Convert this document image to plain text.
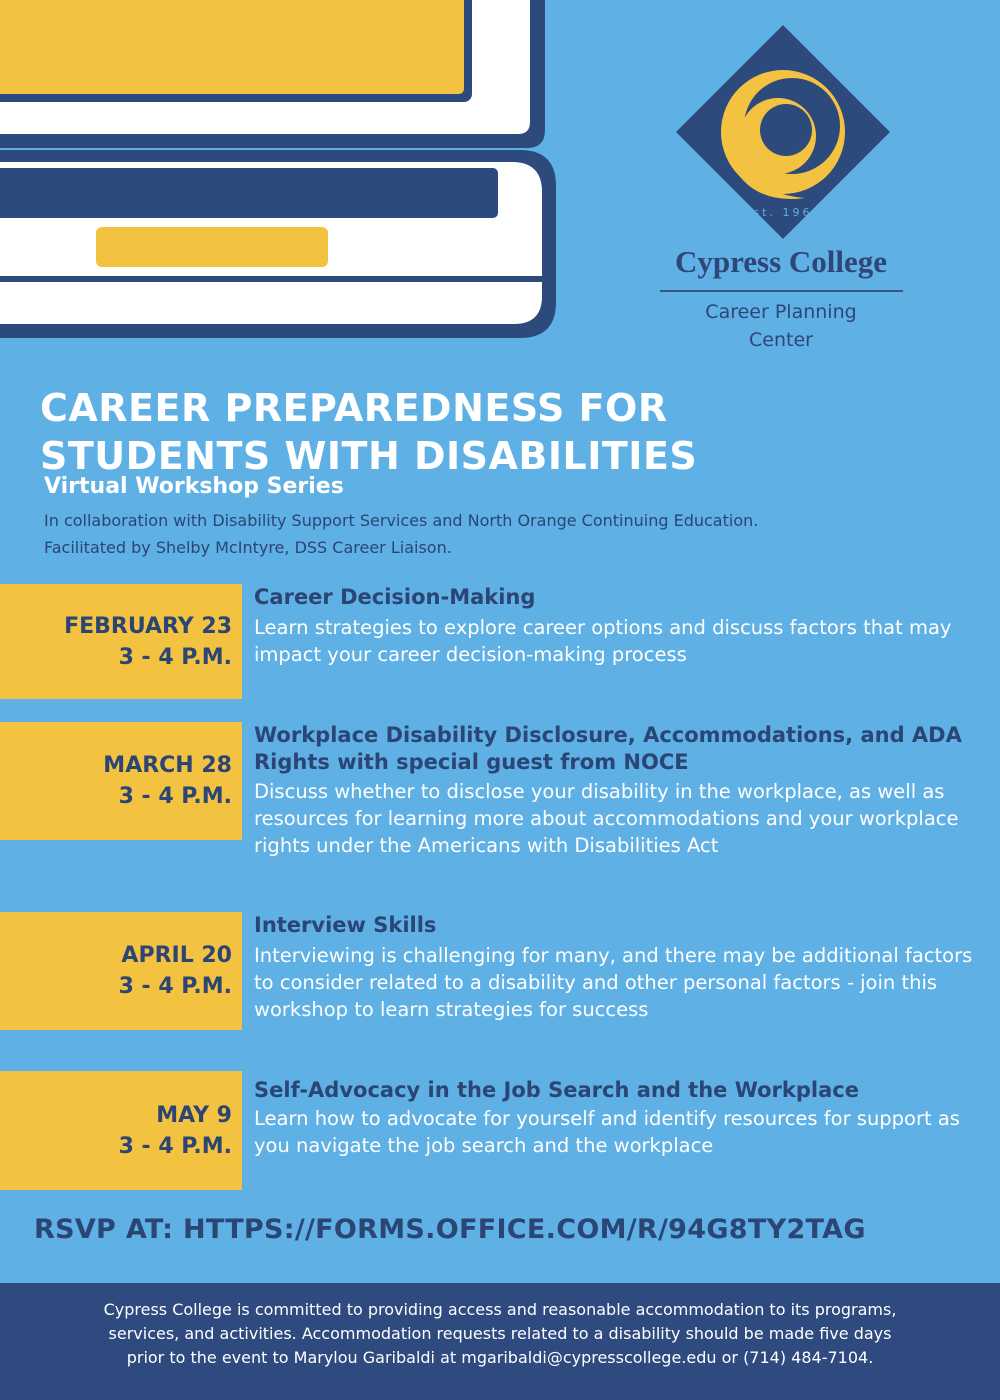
Est. 1966
Cypress College
Career Planning
Center
CAREER PREPAREDNESS FOR
STUDENTS WITH DISABILITIES
Virtual Workshop Series
In collaboration with Disability Support Services and North Orange Continuing Education.
Facilitated by Shelby McIntyre, DSS Career Liaison.
FEBRUARY 23
3 - 4 P.M.
Career Decision-Making

Learn strategies to explore career options and discuss factors that may impact your career decision-making process

MARCH 28
3 - 4 P.M.
Workplace Disability Disclosure, Accommodations, and ADA Rights with special guest from NOCE

Discuss whether to disclose your disability in the workplace, as well as resources for learning more about accommodations and your workplace rights under the Americans with Disabilities Act

APRIL 20
3 - 4 P.M.
Interview Skills

Interviewing is challenging for many, and there may be additional factors to consider related to a disability and other personal factors - join this workshop to learn strategies for success

MAY 9
3 - 4 P.M.
Self-Advocacy in the Job Search and the Workplace

Learn how to advocate for yourself and identify resources for support as you navigate the job search and the workplace

RSVP AT: HTTPS://FORMS.OFFICE.COM/R/94G8TY2TAG

Cypress College is committed to providing access and reasonable accommodation to its programs,

services, and activities. Accommodation requests related to a disability should be made five days

prior to the event to Marylou Garibaldi at mgaribaldi@cypresscollege.edu or (714) 484-7104.
